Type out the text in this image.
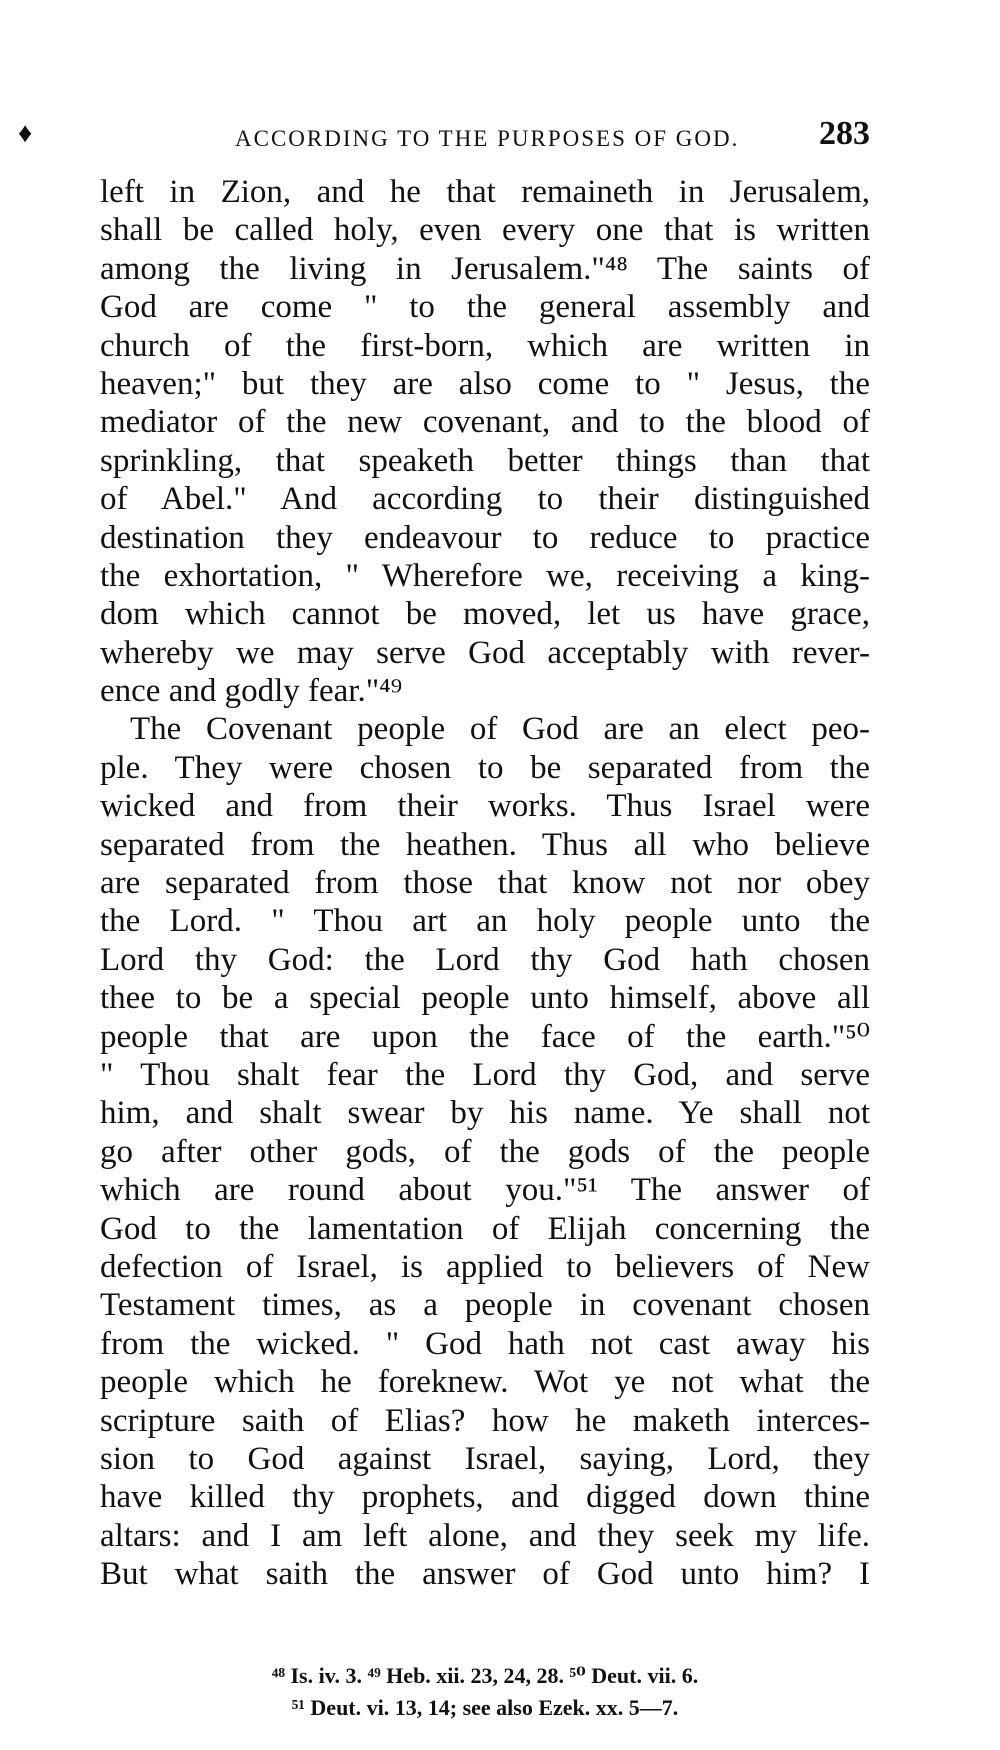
♦	ACCORDING TO THE PURPOSES OF GOD. 283
left in Zion, and he that remaineth in Jerusalem,
shall be called holy, even every one that is written
among the living in Jerusalem."⁴⁸ The saints of
God are come " to the general assembly and
church of the first-born, which are written in
heaven;" but they are also come to " Jesus, the
mediator of the new covenant, and to the blood of
sprinkling, that speaketh better things than that
of Abel." And according to their distinguished
destination they endeavour to reduce to practice
the exhortation, " Wherefore we, receiving a king-
dom which cannot be moved, let us have grace,
whereby we may serve God acceptably with rever-
ence and godly fear."⁴⁹
The Covenant people of God are an elect peo-
ple. They were chosen to be separated from the
wicked and from their works. Thus Israel were
separated from the heathen. Thus all who believe
are separated from those that know not nor obey
the Lord. " Thou art an holy people unto the
Lord thy God: the Lord thy God hath chosen
thee to be a special people unto himself, above all
people that are upon the face of the earth."⁵⁰
" Thou shalt fear the Lord thy God, and serve
him, and shalt swear by his name. Ye shall not
go after other gods, of the gods of the people
which are round about you."⁵¹ The answer of
God to the lamentation of Elijah concerning the
defection of Israel, is applied to believers of New
Testament times, as a people in covenant chosen
from the wicked. " God hath not cast away his
people which he foreknew. Wot ye not what the
scripture saith of Elias? how he maketh interces-
sion to God against Israel, saying, Lord, they
have killed thy prophets, and digged down thine
altars: and I am left alone, and they seek my life.
But what saith the answer of God unto him? I
⁴⁸ Is. iv. 3. ⁴⁹ Heb. xii. 23, 24, 28. ⁵⁰ Deut. vii. 6.
⁵¹ Deut. vi. 13, 14; see also Ezek. xx. 5—7.
